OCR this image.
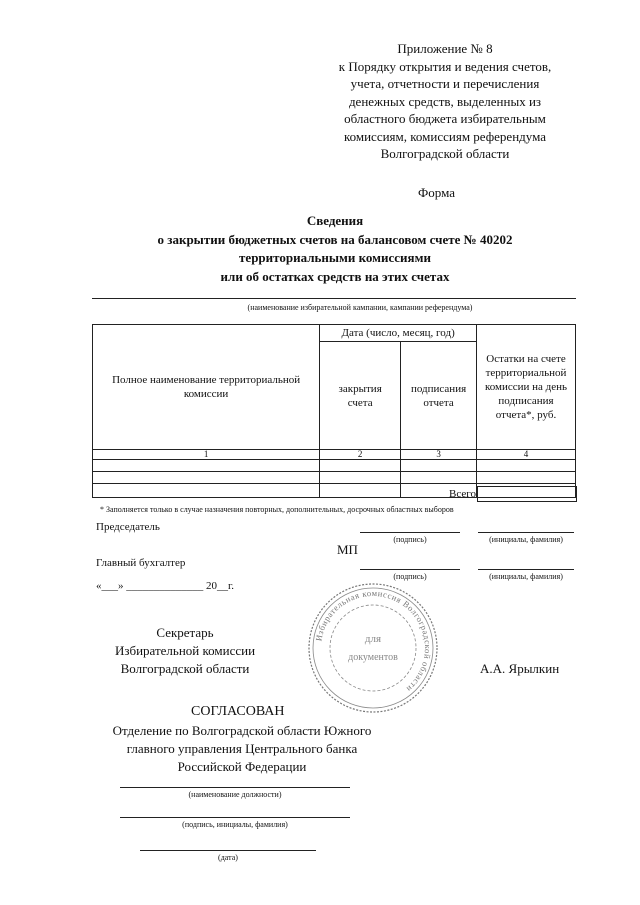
Приложение № 8
к Порядку открытия и ведения счетов,
учета, отчетности и перечисления
денежных средств, выделенных из
областного бюджета избирательным
комиссиям, комиссиям референдума
Волгоградской области
Форма
Сведения
о закрытии бюджетных счетов на балансовом счете № 40202
территориальными комиссиями
или об остатках средств на этих счетах
(наименование избирательной кампании, кампании референдума)
Полное наименование территориальной комиссии	Дата (число, месяц, год)		Остатки на счете территориальной комиссии на день подписания отчета*, руб.
	закрытия счета	подписания отчета	
1	2	3	4

Всего
* Заполняется только в случае назначения повторных, дополнительных, досрочных областных выборов
Председатель
(подпись)	(инициалы, фамилия)
МП
Главный бухгалтер
(подпись)	(инициалы, фамилия)
«___» ______________ 20__г.
Избирательная комиссия Волгоградской области
для
документов
Секретарь
Избирательной комиссии
Волгоградской области	А.А. Ярылкин
СОГЛАСОВАН
Отделение по Волгоградской области Южного
главного управления Центрального банка
Российской Федерации
(наименование должности)
(подпись, инициалы, фамилия)
(дата)
